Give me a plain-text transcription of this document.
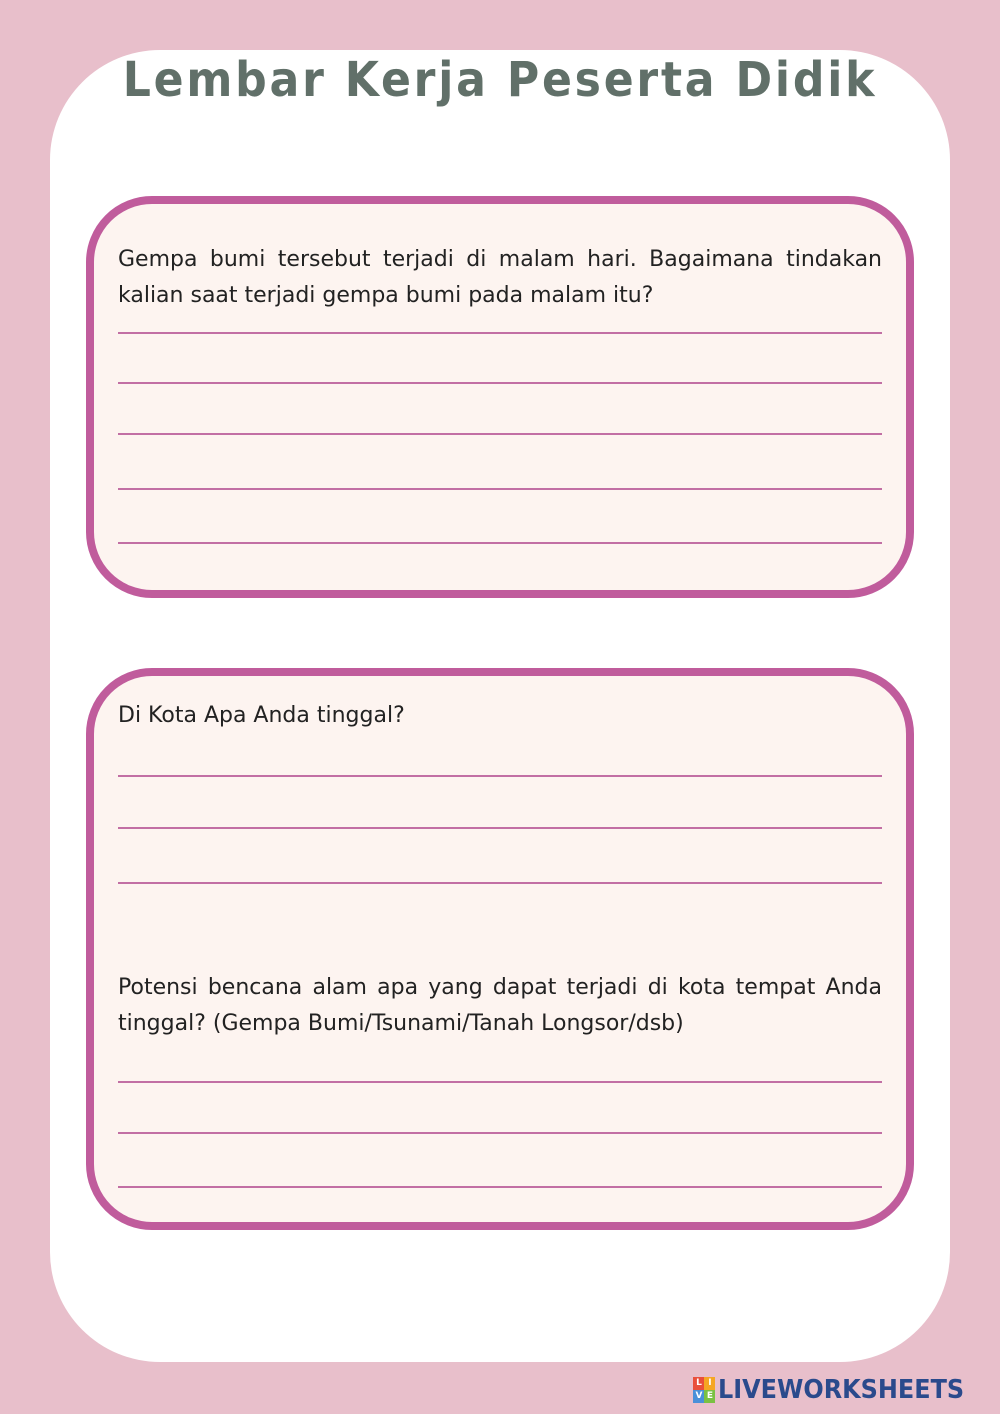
Lembar Kerja Peserta Didik

Gempa bumi tersebut terjadi di malam hari. Bagaimana tindakan kalian saat terjadi gempa bumi pada malam itu?

Di Kota Apa Anda tinggal?

Potensi bencana alam apa yang dapat terjadi di kota tempat Anda tinggal? (Gempa Bumi/Tsunami/Tanah Longsor/dsb)

L I
V E LIVEWORKSHEETS
